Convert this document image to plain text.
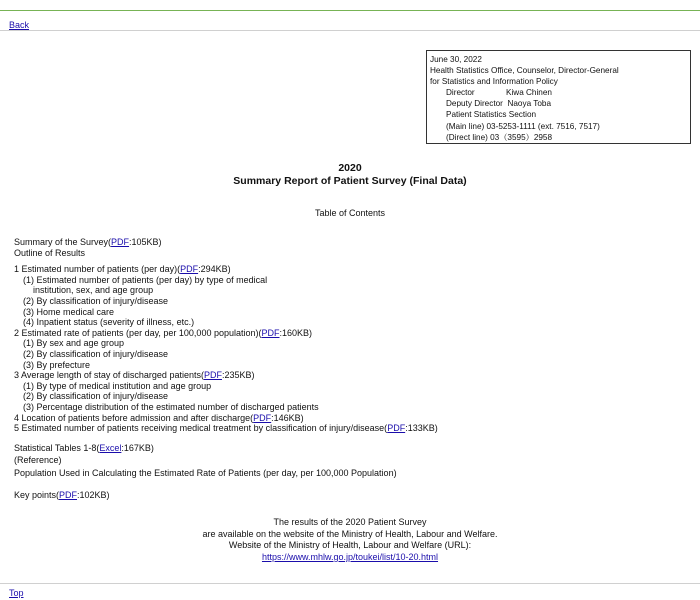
Back
June 30, 2022
Health Statistics Office, Counselor, Director-General
for Statistics and Information Policy
Director	Kiwa Chinen
Deputy Director Naoya Toba
Patient Statistics Section
(Main line) 03-5253-1111 (ext. 7516, 7517)
(Direct line) 03（3595）2958
2020
Summary Report of Patient Survey (Final Data)
Table of Contents
Summary of the Survey(PDF:105KB)
Outline of Results
1 Estimated number of patients (per day)(PDF:294KB)
(1) Estimated number of patients (per day) by type of medical
institution, sex, and age group
(2) By classification of injury/disease
(3) Home medical care
(4) Inpatient status (severity of illness, etc.)
2 Estimated rate of patients (per day, per 100,000 population)(PDF:160KB)
(1) By sex and age group
(2) By classification of injury/disease
(3) By prefecture
3 Average length of stay of discharged patients(PDF:235KB)
(1) By type of medical institution and age group
(2) By classification of injury/disease
(3) Percentage distribution of the estimated number of discharged patients
4 Location of patients before admission and after discharge(PDF:146KB)
5 Estimated number of patients receiving medical treatment by classification of injury/disease(PDF:133KB)
Statistical Tables 1-8(Excel:167KB)
(Reference)
Population Used in Calculating the Estimated Rate of Patients (per day, per 100,000 Population)
Key points(PDF:102KB)
The results of the 2020 Patient Survey
are available on the website of the Ministry of Health, Labour and Welfare.
Website of the Ministry of Health, Labour and Welfare (URL):
https://www.mhlw.go.jp/toukei/list/10-20.html
Top
